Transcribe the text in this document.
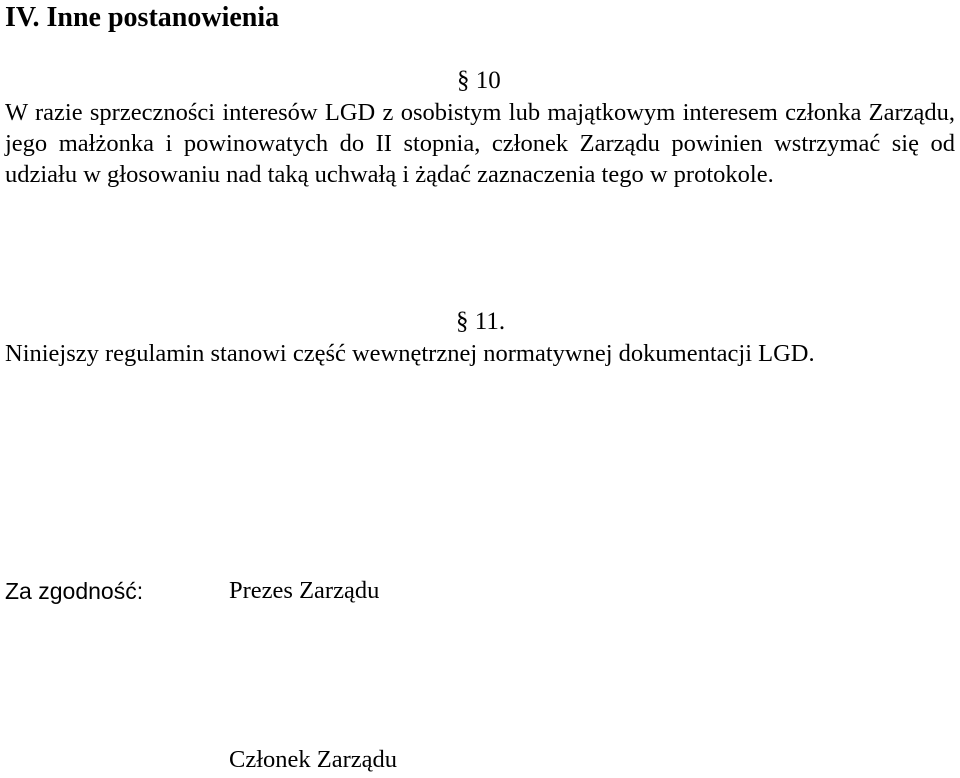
IV. Inne postanowienia
§ 10
W razie sprzeczności interesów LGD z osobistym lub majątkowym interesem członka Zarządu, jego małżonka i powinowatych do II stopnia, członek Zarządu powinien wstrzymać się od udziału w głosowaniu nad taką uchwałą i żądać zaznaczenia tego w protokole.
§ 11.
Niniejszy regulamin stanowi część wewnętrznej normatywnej dokumentacji LGD.
Za zgodność:	Prezes Zarządu
Członek Zarządu
